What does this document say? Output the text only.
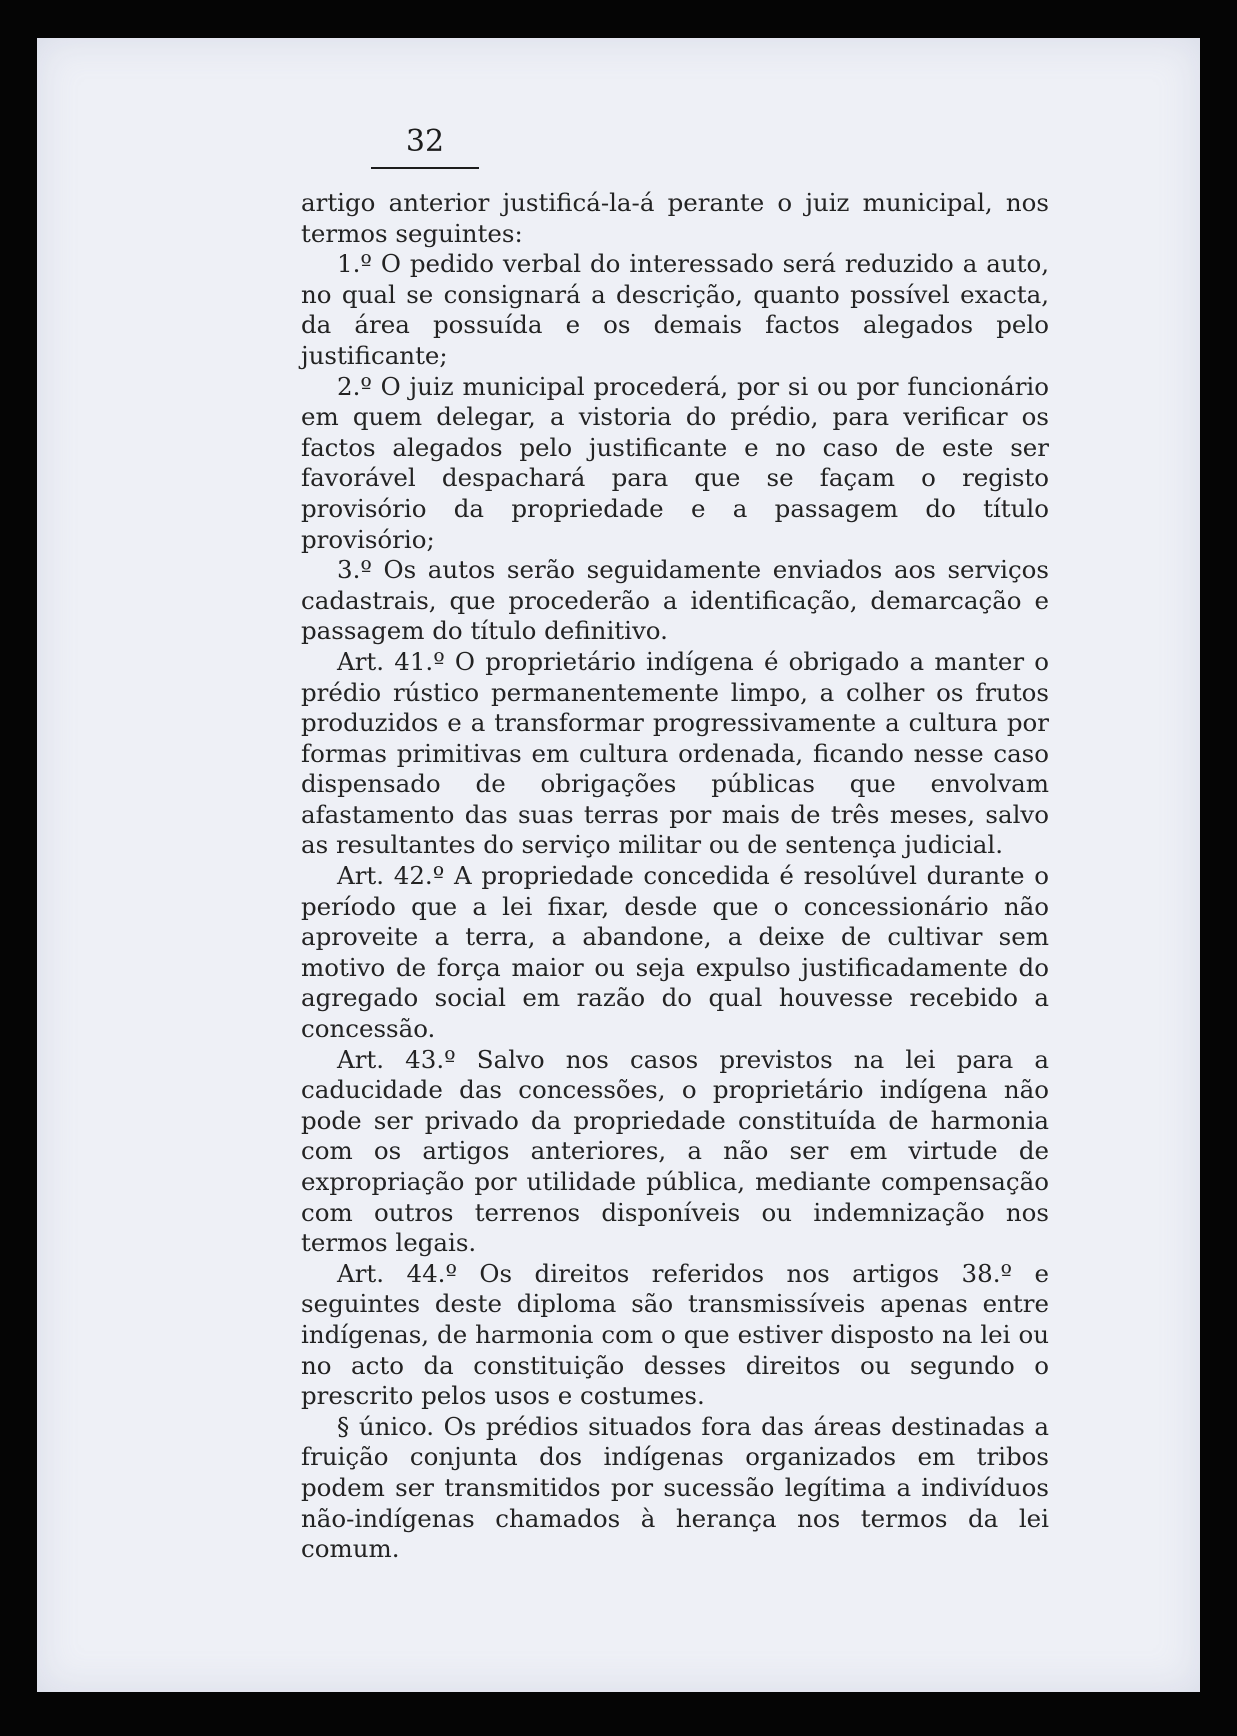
32

artigo anterior justificá-la-á perante o juiz municipal, nos termos seguintes:

1.º O pedido verbal do interessado será reduzido a auto, no qual se consignará a descrição, quanto possível exacta, da área possuída e os demais factos alegados pelo justificante;

2.º O juiz municipal procederá, por si ou por funcionário em quem delegar, a vistoria do prédio, para verificar os factos alegados pelo justificante e no caso de este ser favorável despachará para que se façam o registo provisório da propriedade e a passagem do título provisório;

3.º Os autos serão seguidamente enviados aos serviços cadastrais, que procederão a identificação, demarcação e passagem do título definitivo.

Art. 41.º O proprietário indígena é obrigado a manter o prédio rústico permanentemente limpo, a colher os frutos produzidos e a transformar progressivamente a cultura por formas primitivas em cultura ordenada, ficando nesse caso dispensado de obrigações públicas que envolvam afastamento das suas terras por mais de três meses, salvo as resultantes do serviço militar ou de sentença judicial.

Art. 42.º A propriedade concedida é resolúvel durante o período que a lei fixar, desde que o concessionário não aproveite a terra, a abandone, a deixe de cultivar sem motivo de força maior ou seja expulso justificadamente do agregado social em razão do qual houvesse recebido a concessão.

Art. 43.º Salvo nos casos previstos na lei para a caducidade das concessões, o proprietário indígena não pode ser privado da propriedade constituída de harmonia com os artigos anteriores, a não ser em virtude de expropriação por utilidade pública, mediante compensação com outros terrenos disponíveis ou indemnização nos termos legais.

Art. 44.º Os direitos referidos nos artigos 38.º e seguintes deste diploma são transmissíveis apenas entre indígenas, de harmonia com o que estiver disposto na lei ou no acto da constituição desses direitos ou segundo o prescrito pelos usos e costumes.

§ único. Os prédios situados fora das áreas destinadas a fruição conjunta dos indígenas organizados em tribos podem ser transmitidos por sucessão legítima a indivíduos não-indígenas chamados à herança nos termos da lei comum.
